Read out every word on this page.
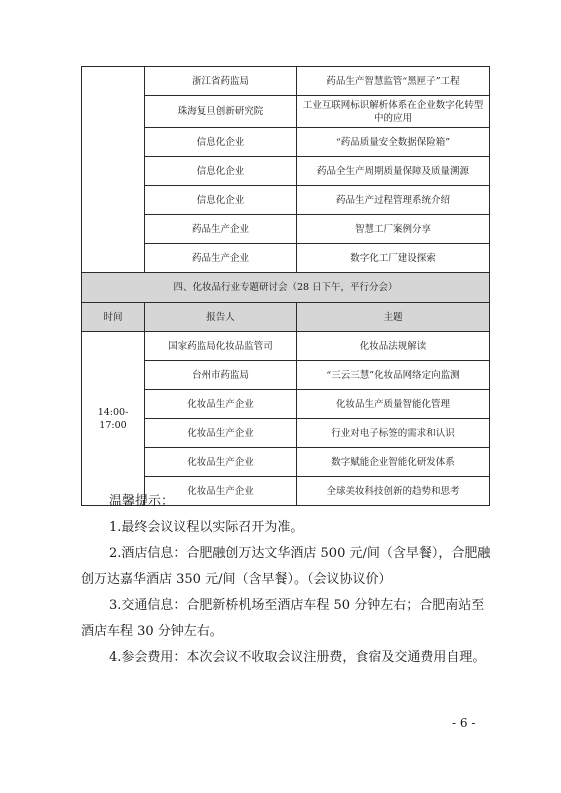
	浙江省药监局	药品生产智慧监管“黑匣子”工程
	珠海复旦创新研究院	工业互联网标识解析体系在企业数字化转型中的应用
	信息化企业	“药品质量安全数据保险箱”
	信息化企业	药品全生产周期质量保障及质量溯源
	信息化企业	药品生产过程管理系统介绍
	药品生产企业	智慧工厂案例分享
	药品生产企业	数字化工厂建设探索
四、化妆品行业专题研讨会（28 日下午，平行分会）		
时间	报告人	主题
14:00-17:00	国家药监局化妆品监管司	化妆品法规解读
	台州市药监局	“三云三慧”化妆品网络定向监测
	化妆品生产企业	化妆品生产质量智能化管理
	化妆品生产企业	行业对电子标签的需求和认识
	化妆品生产企业	数字赋能企业智能化研发体系
	化妆品生产企业	全球美妆科技创新的趋势和思考

温馨提示：

1.最终会议议程以实际召开为准。

2.酒店信息：合肥融创万达文华酒店 500 元/间（含早餐），合肥融创万达嘉华酒店 350 元/间（含早餐）。（会议协议价）

3.交通信息：合肥新桥机场至酒店车程 50 分钟左右；合肥南站至酒店车程 30 分钟左右。

4.参会费用：本次会议不收取会议注册费，食宿及交通费用自理。

- 6 -
